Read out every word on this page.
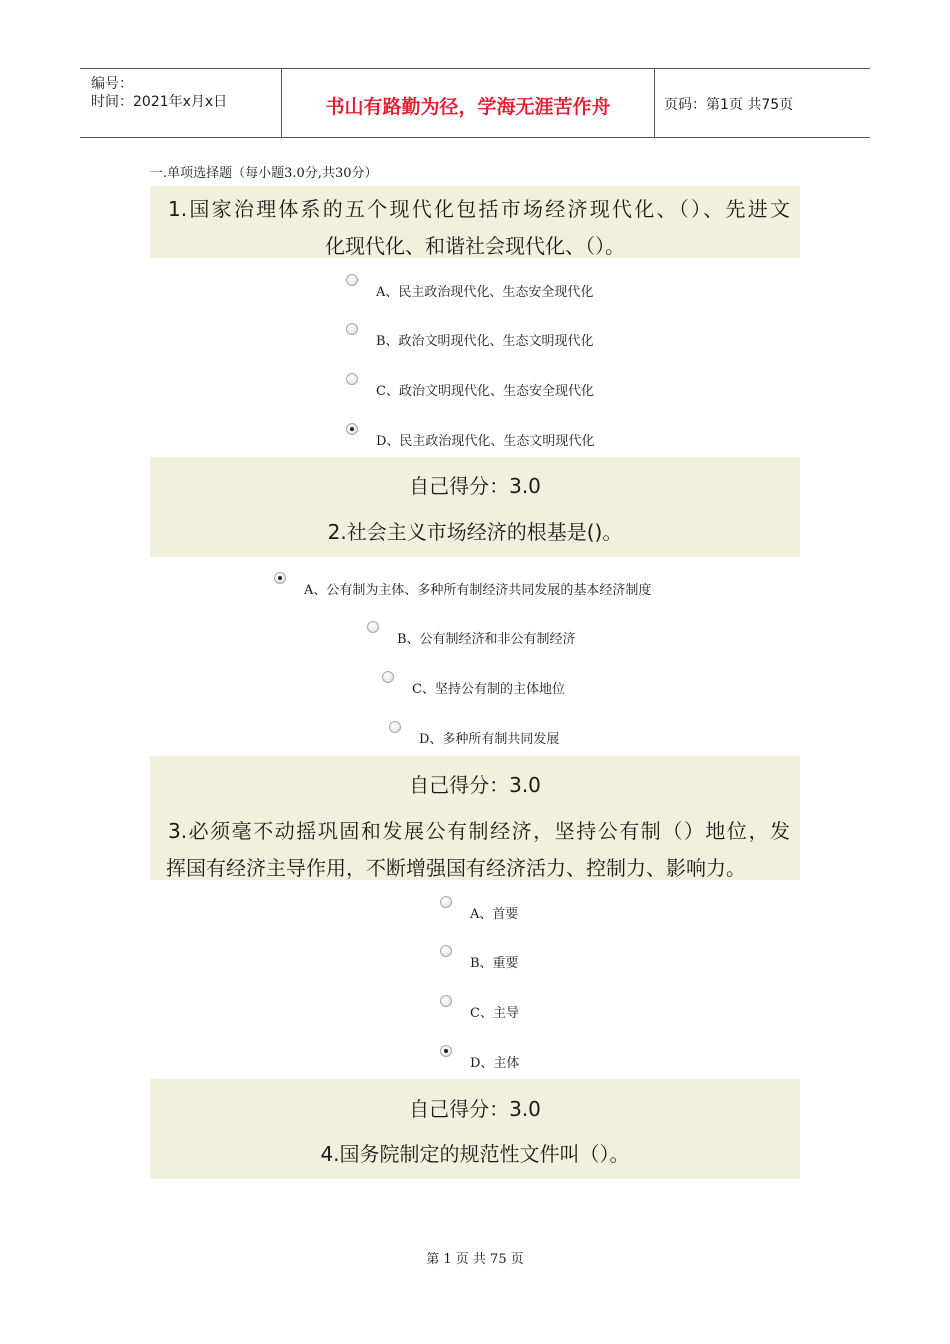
编号：
时间：2021年x月x日	书山有路勤为径，学海无涯苦作舟	页码：第1页 共75页
一.单项选择题（每小题3.0分,共30分）
1.国家治理体系的五个现代化包括市场经济现代化、（）、先进文
化现代化、和谐社会现代化、（）。
A、民主政治现代化、生态安全现代化
B、政治文明现代化、生态文明现代化
C、政治文明现代化、生态安全现代化
D、民主政治现代化、生态文明现代化
自己得分：3.0
2.社会主义市场经济的根基是()。
A、公有制为主体、多种所有制经济共同发展的基本经济制度
B、公有制经济和非公有制经济
C、坚持公有制的主体地位
D、多种所有制共同发展
自己得分：3.0
3.必须毫不动摇巩固和发展公有制经济，坚持公有制（）地位，发
挥国有经济主导作用，不断增强国有经济活力、控制力、影响力。
A、首要
B、重要
C、主导
D、主体
自己得分：3.0
4.国务院制定的规范性文件叫（）。
第 1 页 共 75 页
